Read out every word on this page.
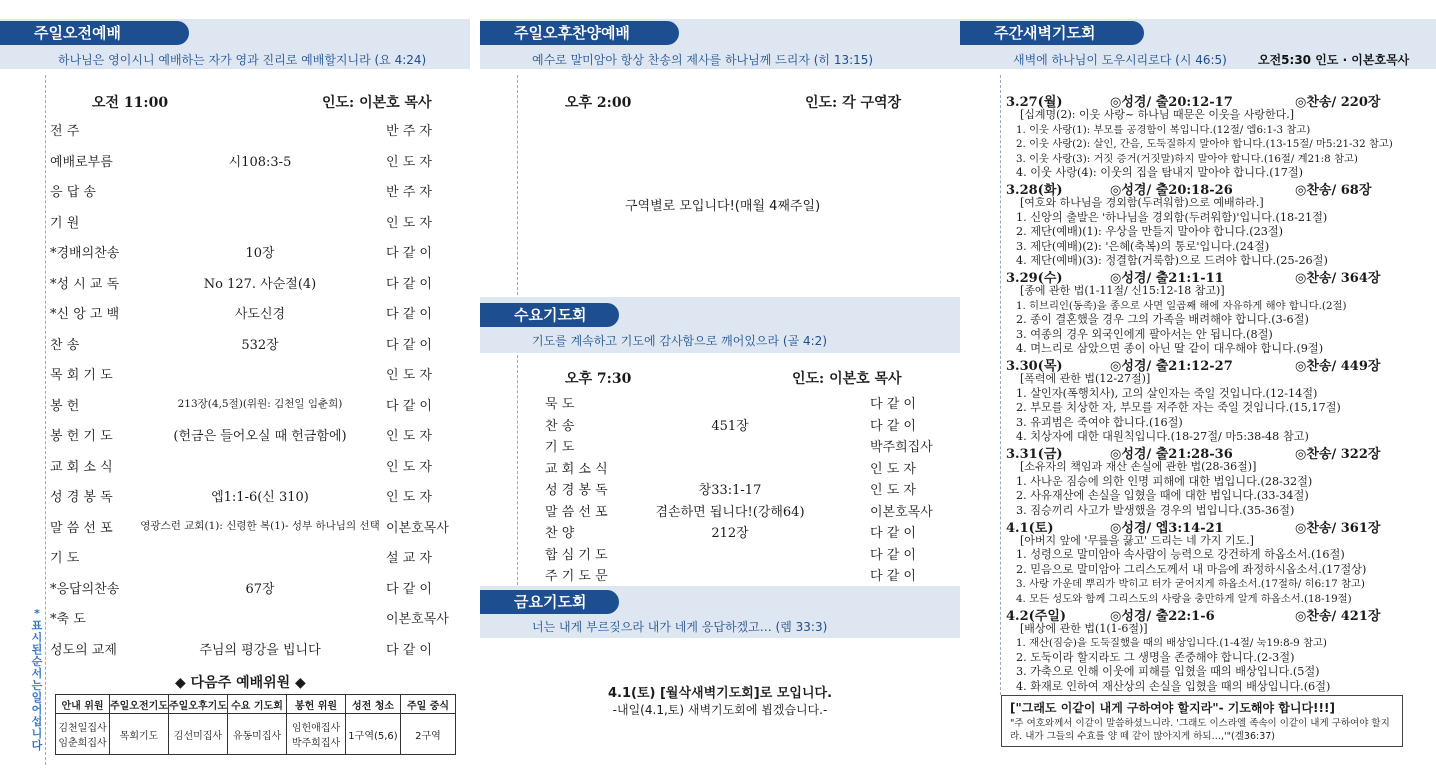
주일오전예배
하나님은 영이시니 예배하는 자가 영과 진리로 예배할지니라 (요 4:24)
오전 11:00	인도: 이본호 목사
전 주	반 주 자
예배로부름	시108:3-5	인 도 자
응 답 송	반 주 자
기 원	인 도 자
*경배의찬송	10장	다 같 이
*성 시 교 독	No 127. 사순절(4)	다 같 이
*신 앙 고 백	사도신경	다 같 이
찬 송	532장	다 같 이
목 회 기 도	인 도 자
봉 헌	213장(4,5절)(위원: 김천일 임춘희)	다 같 이
봉 헌 기 도	(헌금은 들어오실 때 헌금함에)	인 도 자
교 회 소 식	인 도 자
성 경 봉 독	엡1:1-6(신 310)	인 도 자
말 씀 선 포	영광스런 교회(1): 신령한 복(1)- 성부 하나님의 선택 이본호목사
기 도	설 교 자
*응답의찬송	67장	다 같 이
*축 도	이본호목사
성도의 교제	주님의 평강을 빕니다	다 같 이
*표시된 순서는 일어섭니다
◆ 다음주 예배위원 ◆
안내 위원	주일오전기도	주일오후기도	수요 기도회	봉헌 위원	성전 청소	주일 중식
김천일집사 임춘희집사	목회기도	김선미집사	유동미집사	임헌애집사 박주희집사	1구역(5,6)	2구역
주일오후찬양예배
예수로 말미암아 항상 찬송의 제사를 하나님께 드리자 (히 13:15)
오후 2:00	인도: 각 구역장
구역별로 모입니다!(매월 4째주일)
수요기도회
기도를 계속하고 기도에 감사함으로 깨어있으라 (골 4:2)
오후 7:30	인도: 이본호 목사
묵 도	다 같 이
찬 송	451장	다 같 이
기 도	박주희집사
교 회 소 식	인 도 자
성 경 봉 독	창33:1-17	인 도 자
말 씀 선 포	겸손하면 됩니다!(강해64)	이본호목사
찬 양	212장	다 같 이
합 심 기 도	다 같 이
주 기 도 문	다 같 이
금요기도회
너는 내게 부르짖으라 내가 네게 응답하겠고… (렘 33:3)
4.1(토) [월삭새벽기도회]로 모입니다.
-내일(4.1,토) 새벽기도회에 뵙겠습니다.-
주간새벽기도회
새벽에 하나님이 도우시리로다 (시 46:5)	오전5:30 인도 · 이본호목사
3.27(월)	◎성경/ 출20:12-17	◎찬송/ 220장
[십계명(2): 이웃 사랑~ 하나님 때문은 이웃을 사랑한다.]
1. 이웃 사랑(1): 부모를 공경함이 복입니다.(12절/ 엡6:1-3 참고)
2. 이웃 사랑(2): 살인, 간음, 도둑질하지 말아야 합니다.(13-15절/ 마5:21-32 참고)
3. 이웃 사랑(3): 거짓 증거(거짓말)하지 말아야 합니다.(16절/ 계21:8 참고)
4. 이웃 사랑(4): 이웃의 집을 탐내지 말아야 합니다.(17절)
3.28(화)	◎성경/ 출20:18-26	◎찬송/ 68장
[여호와 하나님을 경외함(두려워함)으로 예배하라.]
1. 신앙의 출발은 '하나님을 경외함(두려워함)'입니다.(18-21절)
2. 제단(예배)(1): 우상을 만들지 말아야 합니다.(23절)
3. 제단(예배)(2): '은혜(축복)의 통로'입니다.(24절)
4. 제단(예배)(3): 정결함(거룩함)으로 드려야 합니다.(25-26절)
3.29(수)	◎성경/ 출21:1-11	◎찬송/ 364장
[종에 관한 법(1-11절/ 신15:12-18 참고)]
1. 히브리인(동족)을 종으로 사면 일곱째 해에 자유하게 해야 합니다.(2절)
2. 종이 결혼했을 경우 그의 가족을 배려해야 합니다.(3-6절)
3. 여종의 경우 외국인에게 팔아서는 안 됩니다.(8절)
4. 며느리로 삼았으면 종이 아닌 딸 같이 대우해야 합니다.(9절)
3.30(목)	◎성경/ 출21:12-27	◎찬송/ 449장
[폭력에 관한 법(12-27절)]
1. 살인자(폭행치사), 고의 살인자는 죽일 것입니다.(12-14절)
2. 부모를 치상한 자, 부모를 저주한 자는 죽일 것입니다.(15,17절)
3. 유괴범은 죽여야 합니다.(16절)
4. 치상자에 대한 대원칙입니다.(18-27절/ 마5:38-48 참고)
3.31(금)	◎성경/ 출21:28-36	◎찬송/ 322장
[소유자의 책임과 재산 손실에 관한 법(28-36절)]
1. 사나운 짐승에 의한 인명 피해에 대한 법입니다.(28-32절)
2. 사유재산에 손실을 입혔을 때에 대한 법입니다.(33-34절)
3. 짐승끼리 사고가 발생했을 경우의 법입니다.(35-36절)
4.1(토)	◎성경/ 엡3:14-21	◎찬송/ 361장
[아버지 앞에 '무릎을 끓고' 드리는 네 가지 기도.]
1. 성령으로 말미암아 속사람이 능력으로 강건하게 하옵소서.(16절)
2. 믿음으로 말미암아 그리스도께서 내 마음에 좌정하시옵소서.(17절상)
3. 사랑 가운데 뿌리가 박히고 터가 굳어지게 하옵소서.(17절하/ 히6:17 참고)
4. 모든 성도와 함께 그리스도의 사랑을 충만하게 알게 하옵소서.(18-19절)
4.2(주일)	◎성경/ 출22:1-6	◎찬송/ 421장
[배상에 관한 법(1(1-6절)]
1. 재산(짐승)을 도둑질했을 때의 배상입니다.(1-4절/ 눅19:8-9 참고)
2. 도둑이라 할지라도 그 생명을 존중해야 합니다.(2-3절)
3. 가축으로 인해 이웃에 피해를 입혔을 때의 배상입니다.(5절)
4. 화재로 인하여 재산상의 손실을 입혔을 때의 배상입니다.(6절)
["그래도 이같이 내게 구하여야 할지라"- 기도해야 합니다!!!]
"주 여호와께서 이같이 말씀하셨느니라. '그래도 이스라엘 족속이 이같이 내게 구하여야 할지라. 내가 그들의 수효를 양 떼 같이 많아지게 하되…,'"(겔36:37)
